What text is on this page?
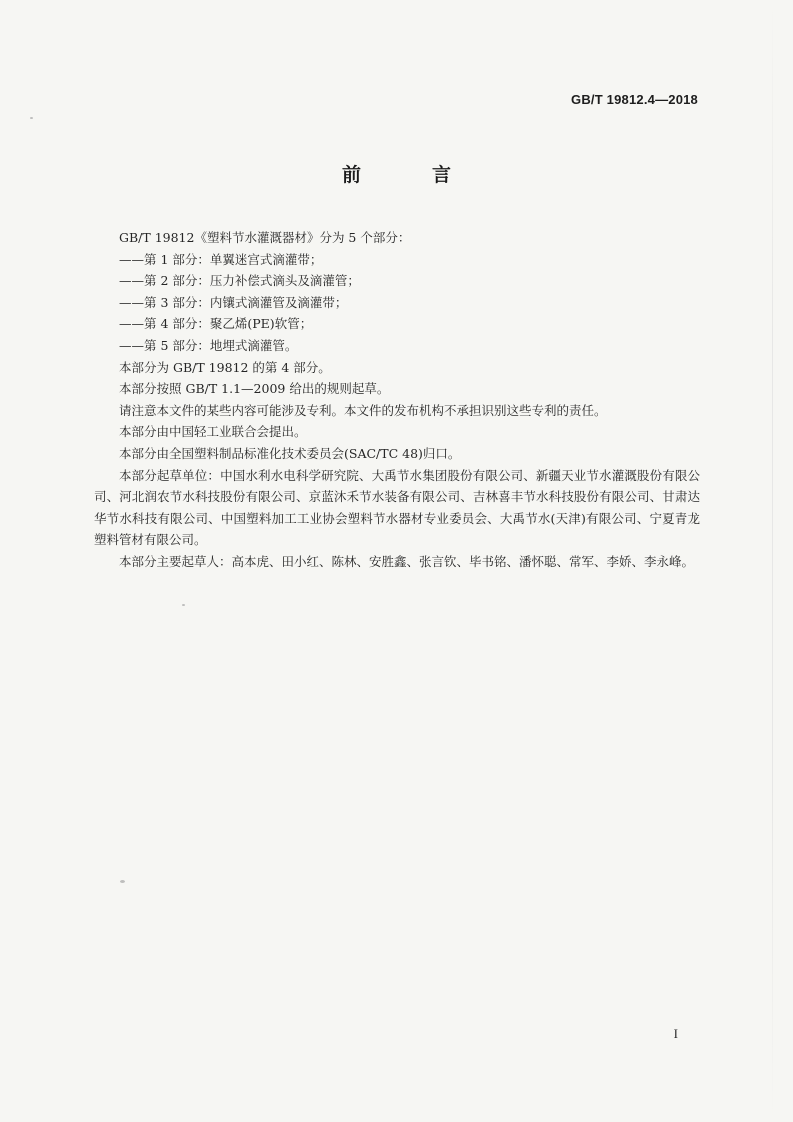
GB/T 19812.4—2018
前　言

GB/T 19812《塑料节水灌溉器材》分为 5 个部分：

——第 1 部分：单翼迷宫式滴灌带；

——第 2 部分：压力补偿式滴头及滴灌管；

——第 3 部分：内镶式滴灌管及滴灌带；

——第 4 部分：聚乙烯(PE)软管；

——第 5 部分：地埋式滴灌管。

本部分为 GB/T 19812 的第 4 部分。

本部分按照 GB/T 1.1—2009 给出的规则起草。

请注意本文件的某些内容可能涉及专利。本文件的发布机构不承担识别这些专利的责任。

本部分由中国轻工业联合会提出。

本部分由全国塑料制品标准化技术委员会(SAC/TC 48)归口。

本部分起草单位：中国水利水电科学研究院、大禹节水集团股份有限公司、新疆天业节水灌溉股份有限公司、河北润农节水科技股份有限公司、京蓝沐禾节水装备有限公司、吉林喜丰节水科技股份有限公司、甘肃达华节水科技有限公司、中国塑料加工工业协会塑料节水器材专业委员会、大禹节水(天津)有限公司、宁夏青龙塑料管材有限公司。

本部分主要起草人：高本虎、田小红、陈林、安胜鑫、张言钦、毕书铭、潘怀聪、常军、李娇、李永峰。

I
